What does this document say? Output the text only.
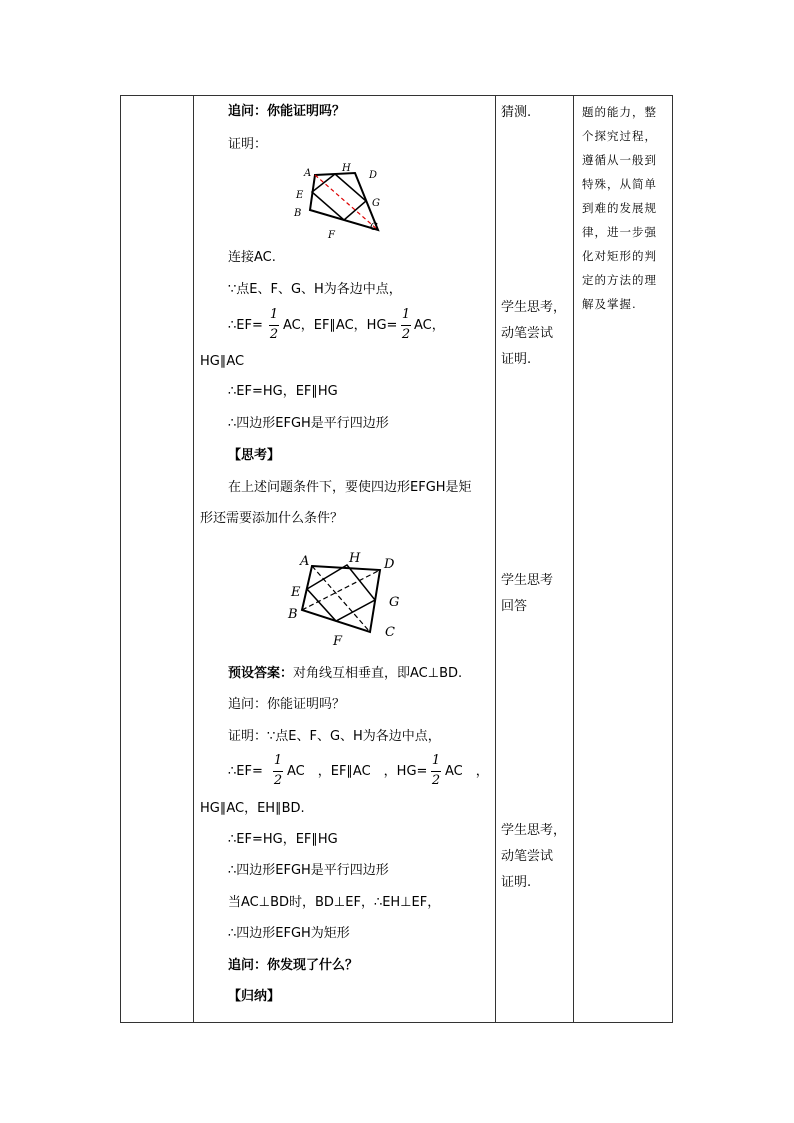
追问：你能证明吗？
证明：
A	H
D
E
G
B
F
C
连接AC.
∵点E、F、G、H为各边中点，
∴EF=
1
2
AC，EF∥AC，HG=
1
2
AC，
HG∥AC
∴EF=HG，EF∥HG
∴四边形EFGH是平行四边形
【思考】
在上述问题条件下，要使四边形EFGH是矩
形还需要添加什么条件？
A	H D
E
G
B
F
C
预设答案：对角线互相垂直，即AC⊥BD.
追问：你能证明吗？
证明：∵点E、F、G、H为各边中点，
∴EF=
1
2
AC　，EF∥AC　，HG=
1
2
AC　，
HG∥AC，EH∥BD.
∴EF=HG，EF∥HG
∴四边形EFGH是平行四边形
当AC⊥BD时，BD⊥EF，∴EH⊥EF，
∴四边形EFGH为矩形
追问：你发现了什么？
【归纳】
猜测.
学生思考，
动笔尝试
证明.
学生思考
回答
学生思考，
动笔尝试
证明.
题的能力，整
个探究过程，
遵循从一般到
特殊，从简单
到难的发展规
律，进一步强
化对矩形的判
定的方法的理
解及掌握.
